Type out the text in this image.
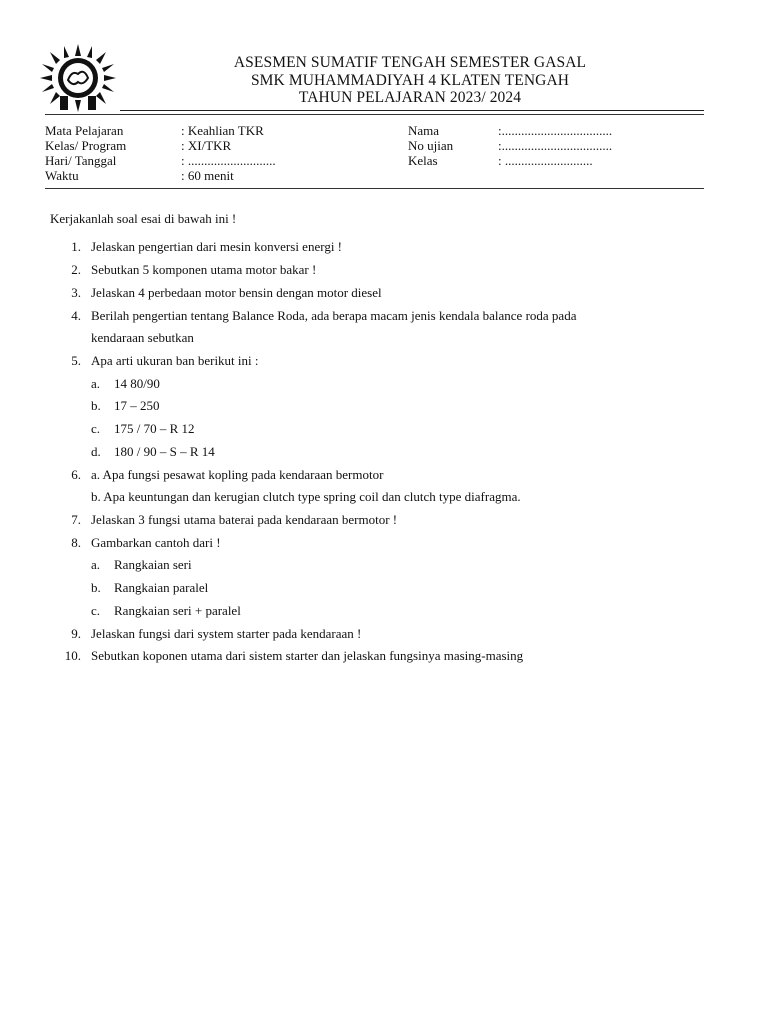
ASESMEN SUMATIF TENGAH SEMESTER GASAL
SMK MUHAMMADIYAH 4 KLATEN TENGAH
TAHUN PELAJARAN 2023/ 2024
Mata Pelajaran	: Keahlian TKR	Nama	:..................................
Kelas/ Program	: XI/TKR	No ujian	:..................................
Hari/ Tanggal	: ...........................	Kelas	: ...........................
Waktu	: 60 menit
Kerjakanlah soal esai di bawah ini !
1. Jelaskan pengertian dari mesin konversi energi !
2. Sebutkan 5 komponen utama motor bakar !
3. Jelaskan 4 perbedaan motor bensin dengan motor diesel
4. Berilah pengertian tentang Balance Roda, ada berapa macam jenis kendala balance roda pada
kendaraan sebutkan
5. Apa arti ukuran ban berikut ini :
a. 14 80/90
b. 17 – 250
c. 175 / 70 – R 12
d. 180 / 90 – S – R 14
6. a. Apa fungsi pesawat kopling pada kendaraan bermotor
b. Apa keuntungan dan kerugian clutch type spring coil dan clutch type diafragma.
7. Jelaskan 3 fungsi utama baterai pada kendaraan bermotor !
8. Gambarkan cantoh dari !
a. Rangkaian seri
b. Rangkaian paralel
c. Rangkaian seri + paralel
9. Jelaskan fungsi dari system starter pada kendaraan !
10. Sebutkan koponen utama dari sistem starter dan jelaskan fungsinya masing-masing
